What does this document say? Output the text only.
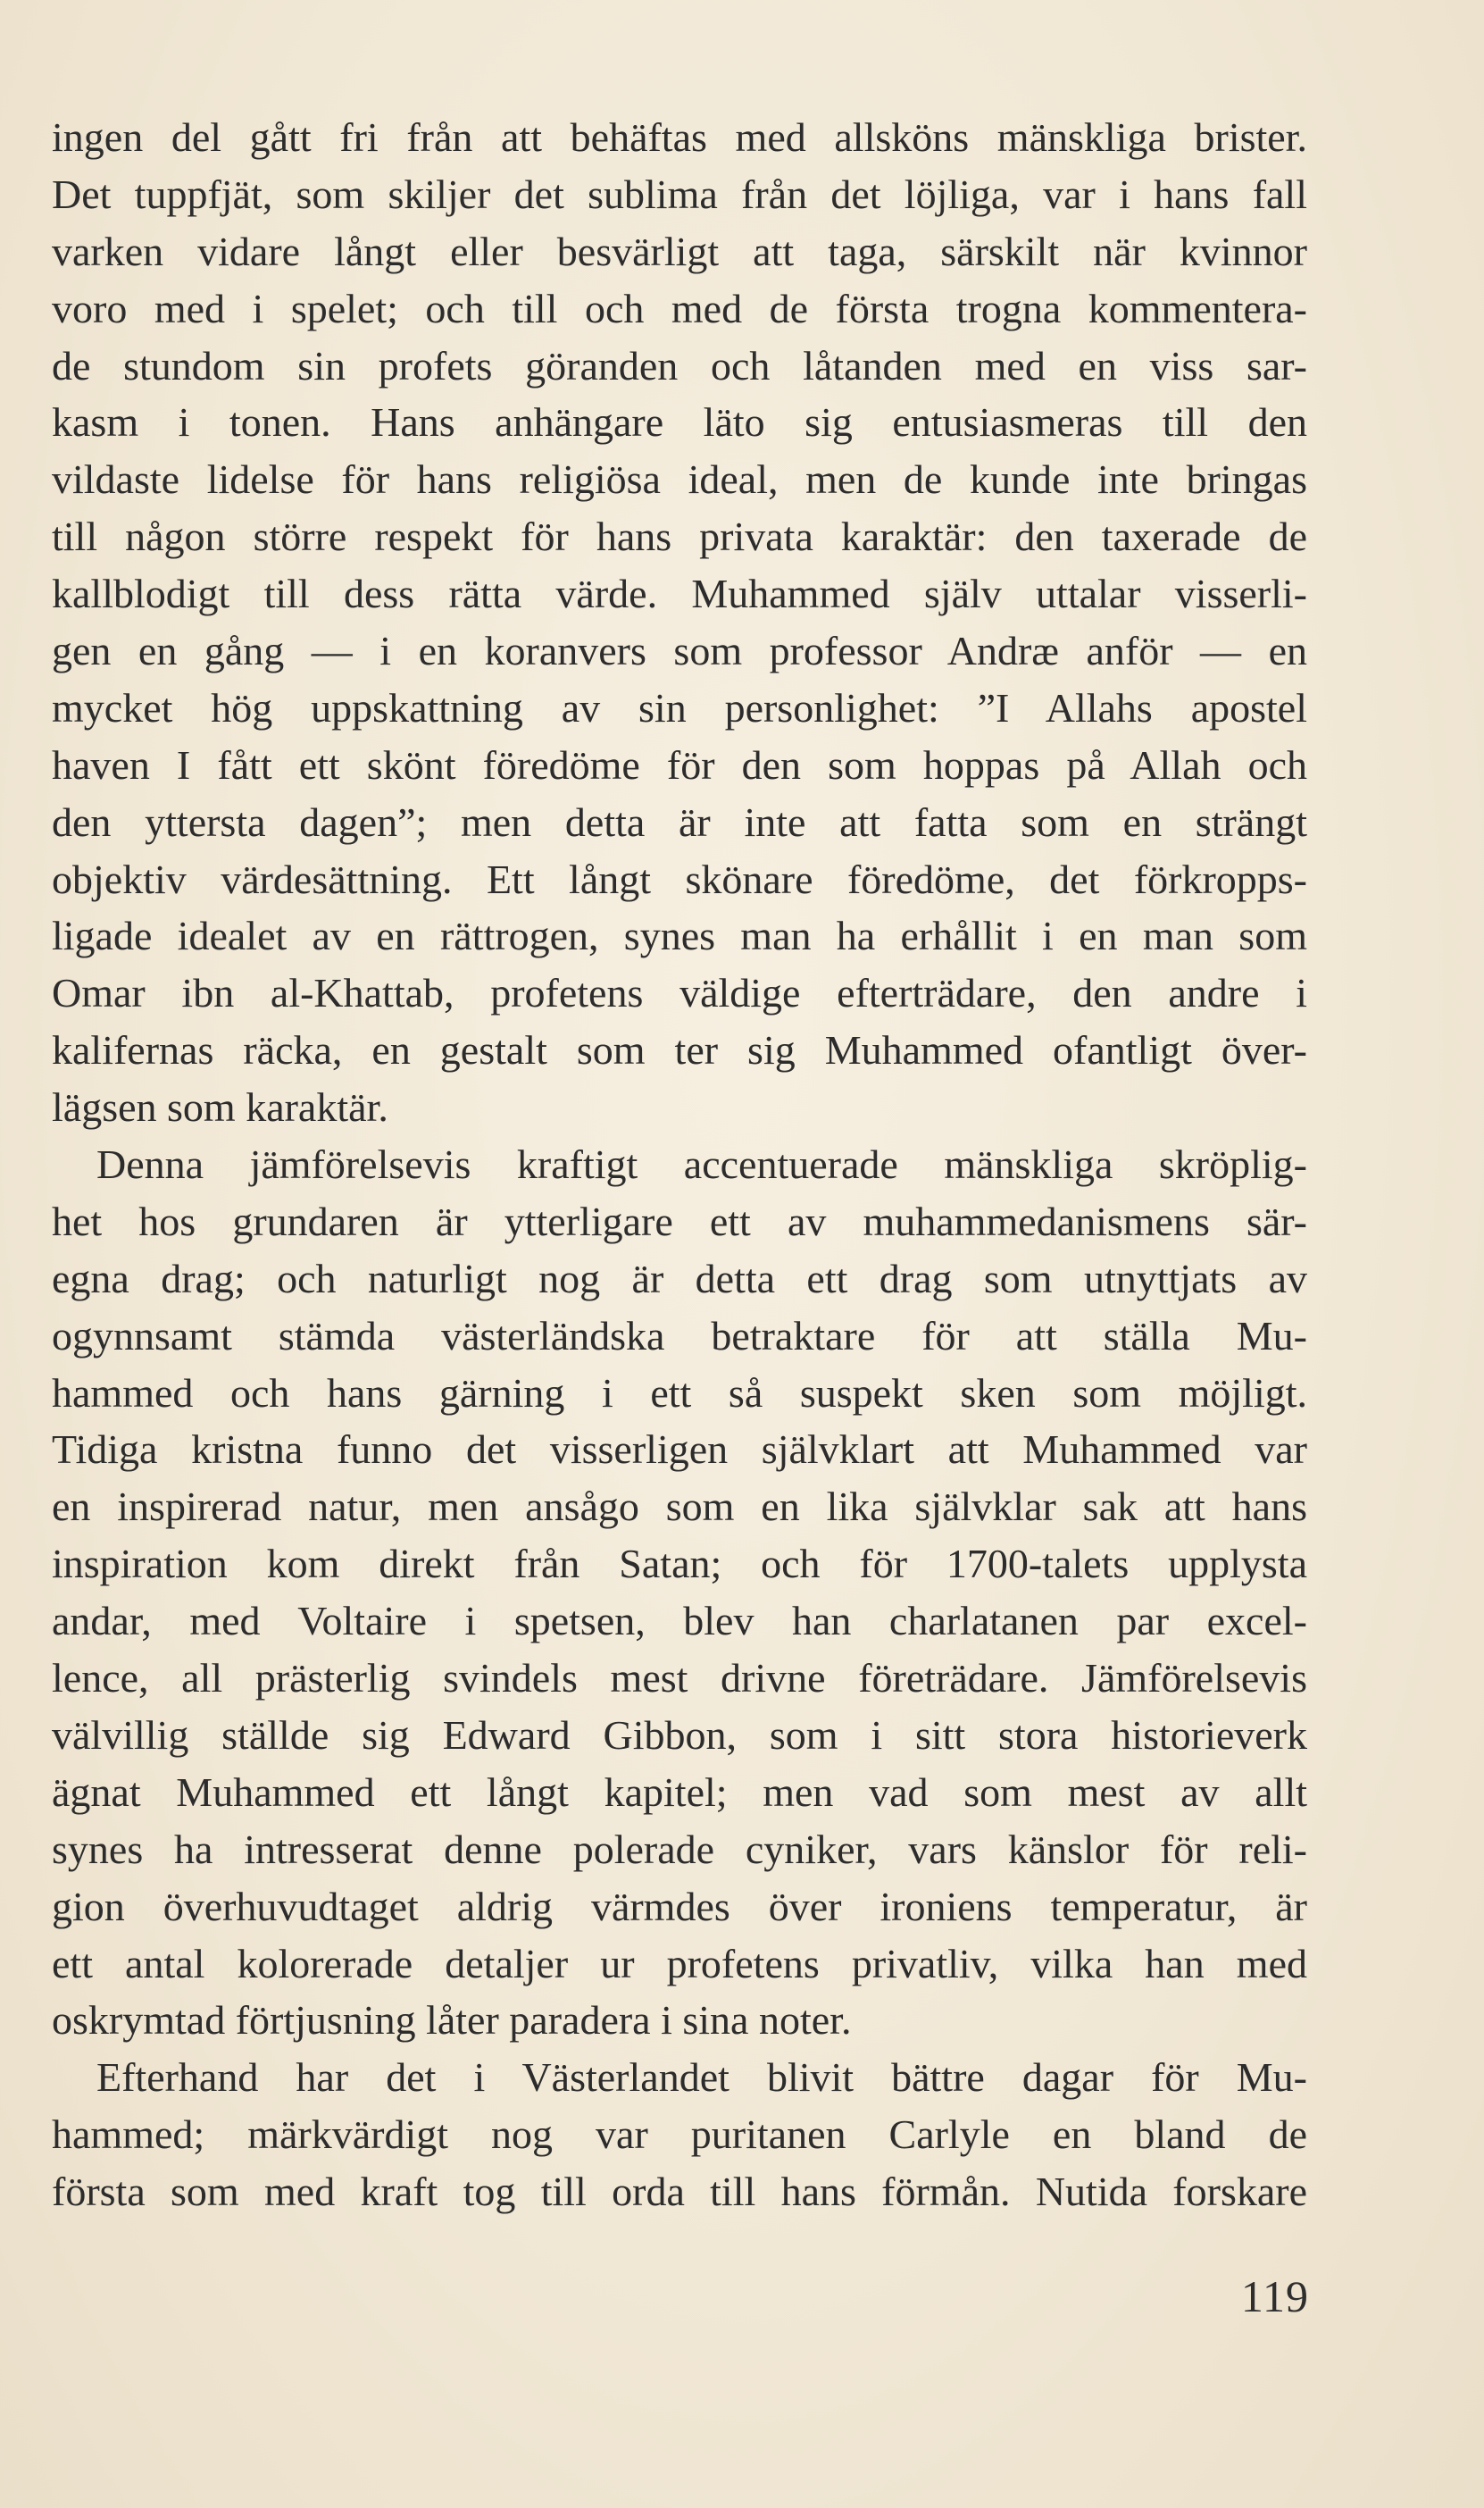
ingen del gått fri från att behäftas med allsköns mänskliga brister.
Det tuppfjät, som skiljer det sublima från det löjliga, var i hans fall
varken vidare långt eller besvärligt att taga, särskilt när kvinnor
voro med i spelet; och till och med de första trogna kommentera-
de stundom sin profets göranden och låtanden med en viss sar-
kasm i tonen. Hans anhängare läto sig entusiasmeras till den
vildaste lidelse för hans religiösa ideal, men de kunde inte bringas
till någon större respekt för hans privata karaktär: den taxerade de
kallblodigt till dess rätta värde. Muhammed själv uttalar visserli-
gen en gång — i en koranvers som professor Andræ anför — en
mycket hög uppskattning av sin personlighet: ”I Allahs apostel
haven I fått ett skönt föredöme för den som hoppas på Allah och
den yttersta dagen”; men detta är inte att fatta som en strängt
objektiv värdesättning. Ett långt skönare föredöme, det förkropps-
ligade idealet av en rättrogen, synes man ha erhållit i en man som
Omar ibn al-Khattab, profetens väldige efterträdare, den andre i
kalifernas räcka, en gestalt som ter sig Muhammed ofantligt över-
lägsen som karaktär.
Denna jämförelsevis kraftigt accentuerade mänskliga skröplig-
het hos grundaren är ytterligare ett av muhammedanismens sär-
egna drag; och naturligt nog är detta ett drag som utnyttjats av
ogynnsamt stämda västerländska betraktare för att ställa Mu-
hammed och hans gärning i ett så suspekt sken som möjligt.
Tidiga kristna funno det visserligen självklart att Muhammed var
en inspirerad natur, men ansågo som en lika självklar sak att hans
inspiration kom direkt från Satan; och för 1700-talets upplysta
andar, med Voltaire i spetsen, blev han charlatanen par excel-
lence, all prästerlig svindels mest drivne företrädare. Jämförelsevis
välvillig ställde sig Edward Gibbon, som i sitt stora historieverk
ägnat Muhammed ett långt kapitel; men vad som mest av allt
synes ha intresserat denne polerade cyniker, vars känslor för reli-
gion överhuvudtaget aldrig värmdes över ironiens temperatur, är
ett antal kolorerade detaljer ur profetens privatliv, vilka han med
oskrymtad förtjusning låter paradera i sina noter.
Efterhand har det i Västerlandet blivit bättre dagar för Mu-
hammed; märkvärdigt nog var puritanen Carlyle en bland de
första som med kraft tog till orda till hans förmån. Nutida forskare
119
